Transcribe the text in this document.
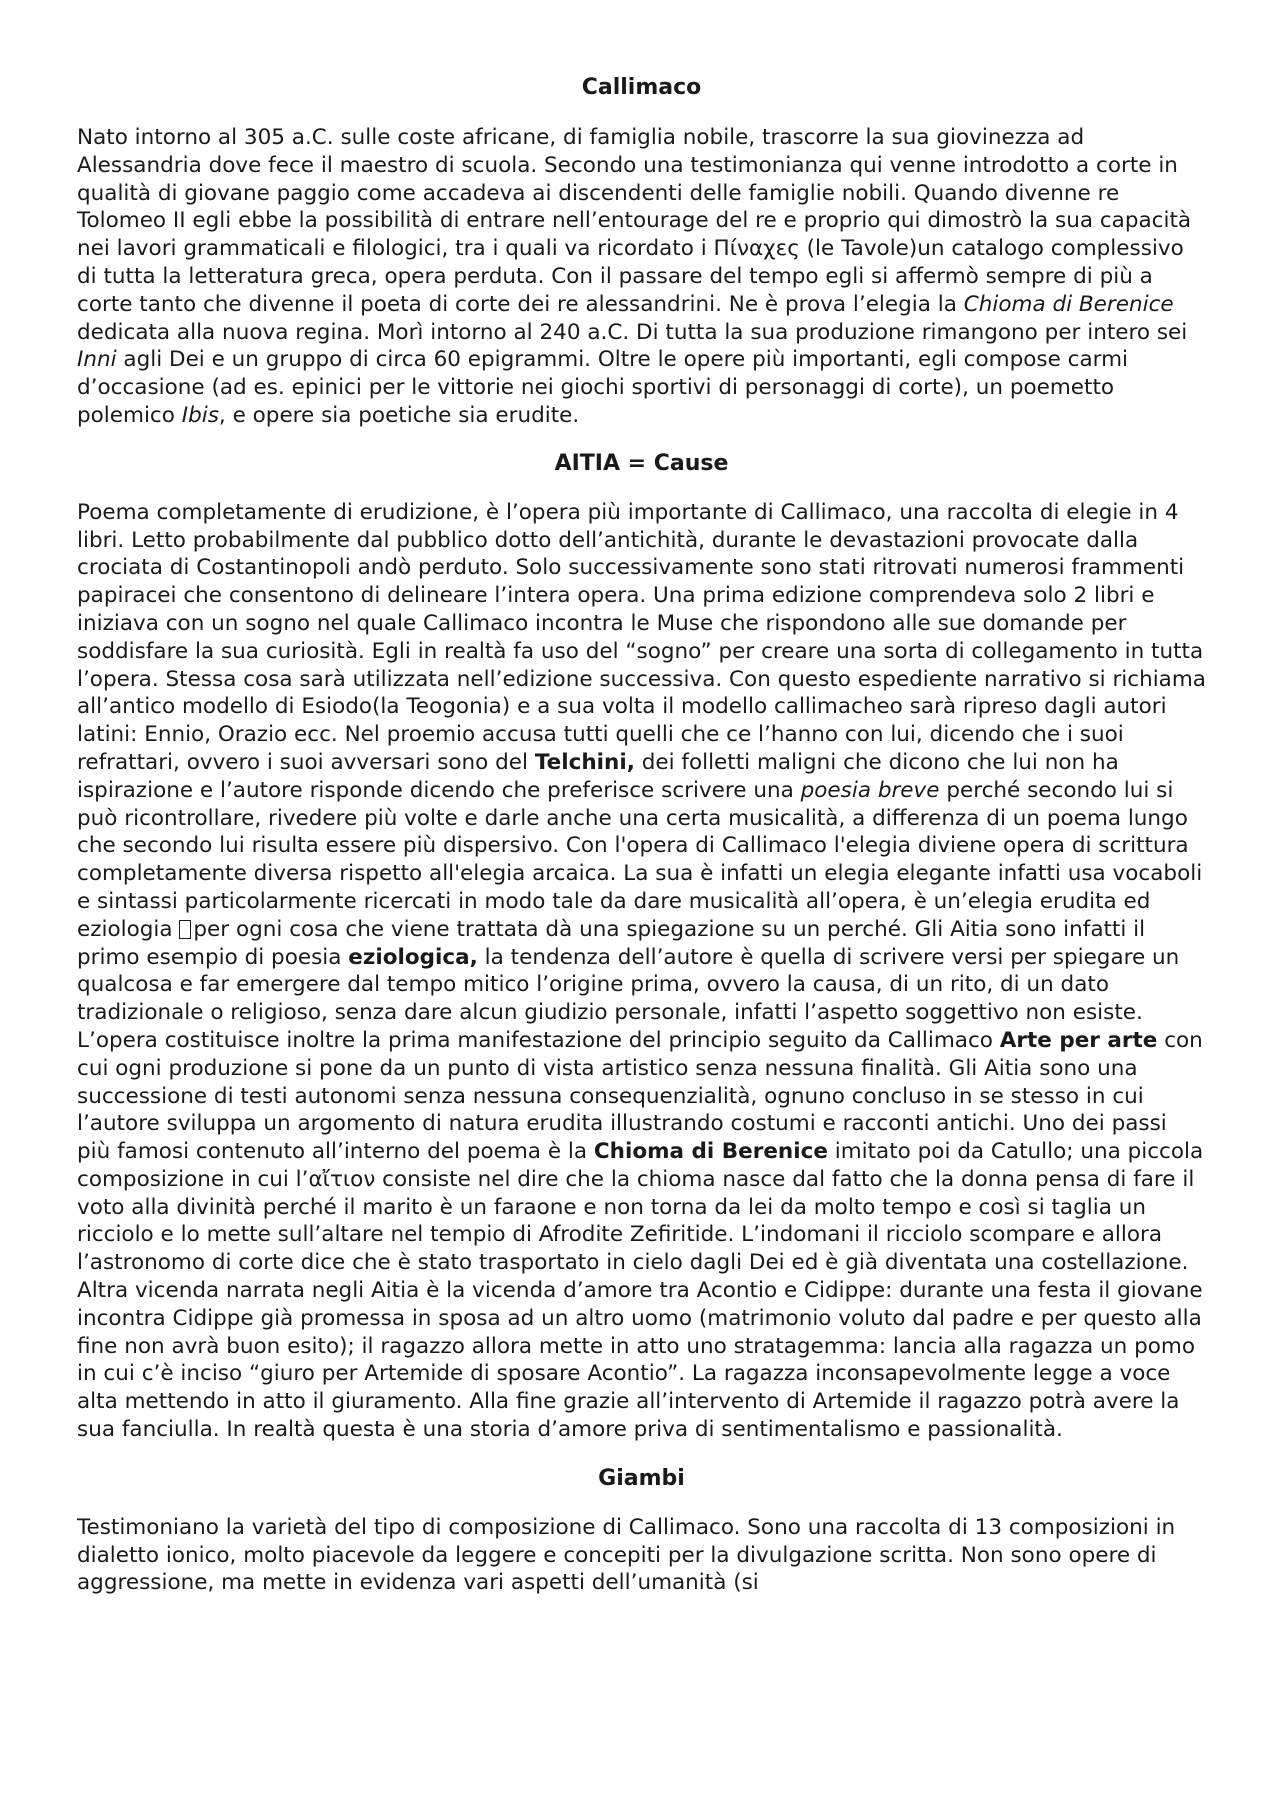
Callimaco

Nato intorno al 305 a.C. sulle coste africane, di famiglia nobile, trascorre la sua giovinezza ad Alessandria dove fece il maestro di scuola. Secondo una testimonianza qui venne introdotto a corte in qualità di giovane paggio come accadeva ai discendenti delle famiglie nobili. Quando divenne re Tolomeo II egli ebbe la possibilità di entrare nell’entourage del re e proprio qui dimostrò la sua capacità nei lavori grammaticali e filologici, tra i quali va ricordato i Πίναχες (le Tavole)un catalogo complessivo di tutta la letteratura greca, opera perduta. Con il passare del tempo egli si affermò sempre di più a corte tanto che divenne il poeta di corte dei re alessandrini. Ne è prova l’elegia la Chioma di Berenice dedicata alla nuova regina. Morì intorno al 240 a.C. Di tutta la sua produzione rimangono per intero sei Inni agli Dei e un gruppo di circa 60 epigrammi. Oltre le opere più importanti, egli compose carmi d’occasione (ad es. epinici per le vittorie nei giochi sportivi di personaggi di corte), un poemetto polemico Ibis, e opere sia poetiche sia erudite.

AITIA = Cause

Poema completamente di erudizione, è l’opera più importante di Callimaco, una raccolta di elegie in 4 libri. Letto probabilmente dal pubblico dotto dell’antichità, durante le devastazioni provocate dalla crociata di Costantinopoli andò perduto. Solo successivamente sono stati ritrovati numerosi frammenti papiracei che consentono di delineare l’intera opera. Una prima edizione comprendeva solo 2 libri e iniziava con un sogno nel quale Callimaco incontra le Muse che rispondono alle sue domande per soddisfare la sua curiosità. Egli in realtà fa uso del “sogno” per creare una sorta di collegamento in tutta l’opera. Stessa cosa sarà utilizzata nell’edizione successiva. Con questo espediente narrativo si richiama all’antico modello di Esiodo(la Teogonia) e a sua volta il modello callimacheo sarà ripreso dagli autori latini: Ennio, Orazio ecc. Nel proemio accusa tutti quelli che ce l’hanno con lui, dicendo che i suoi refrattari, ovvero i suoi avversari sono del Telchini, dei folletti maligni che dicono che lui non ha ispirazione e l’autore risponde dicendo che preferisce scrivere una poesia breve perché secondo lui si può ricontrollare, rivedere più volte e darle anche una certa musicalità, a differenza di un poema lungo che secondo lui risulta essere più dispersivo. Con l'opera di Callimaco l'elegia diviene opera di scrittura completamente diversa rispetto all'elegia arcaica. La sua è infatti un elegia elegante infatti usa vocaboli e sintassi particolarmente ricercati in modo tale da dare musicalità all’opera, è un’elegia erudita ed eziologia per ogni cosa che viene trattata dà una spiegazione su un perché. Gli Aitia sono infatti il primo esempio di poesia eziologica, la tendenza dell’autore è quella di scrivere versi per spiegare un qualcosa e far emergere dal tempo mitico l’origine prima, ovvero la causa, di un rito, di un dato tradizionale o religioso, senza dare alcun giudizio personale, infatti l’aspetto soggettivo non esiste. L’opera costituisce inoltre la prima manifestazione del principio seguito da Callimaco Arte per arte con cui ogni produzione si pone da un punto di vista artistico senza nessuna finalità. Gli Aitia sono una successione di testi autonomi senza nessuna consequenzialità, ognuno concluso in se stesso in cui l’autore sviluppa un argomento di natura erudita illustrando costumi e racconti antichi. Uno dei passi più famosi contenuto all’interno del poema è la Chioma di Berenice imitato poi da Catullo; una piccola composizione in cui l’αἴτιον consiste nel dire che la chioma nasce dal fatto che la donna pensa di fare il voto alla divinità perché il marito è un faraone e non torna da lei da molto tempo e così si taglia un ricciolo e lo mette sull’altare nel tempio di Afrodite Zefiritide. L’indomani il ricciolo scompare e allora l’astronomo di corte dice che è stato trasportato in cielo dagli Dei ed è già diventata una costellazione. Altra vicenda narrata negli Aitia è la vicenda d’amore tra Acontio e Cidippe: durante una festa il giovane incontra Cidippe già promessa in sposa ad un altro uomo (matrimonio voluto dal padre e per questo alla fine non avrà buon esito); il ragazzo allora mette in atto uno stratagemma: lancia alla ragazza un pomo in cui c’è inciso “giuro per Artemide di sposare Acontio”. La ragazza inconsapevolmente legge a voce alta mettendo in atto il giuramento. Alla fine grazie all’intervento di Artemide il ragazzo potrà avere la sua fanciulla. In realtà questa è una storia d’amore priva di sentimentalismo e passionalità.

Giambi

Testimoniano la varietà del tipo di composizione di Callimaco. Sono una raccolta di 13 composizioni in dialetto ionico, molto piacevole da leggere e concepiti per la divulgazione scritta. Non sono opere di aggressione, ma mette in evidenza vari aspetti dell’umanità (si
